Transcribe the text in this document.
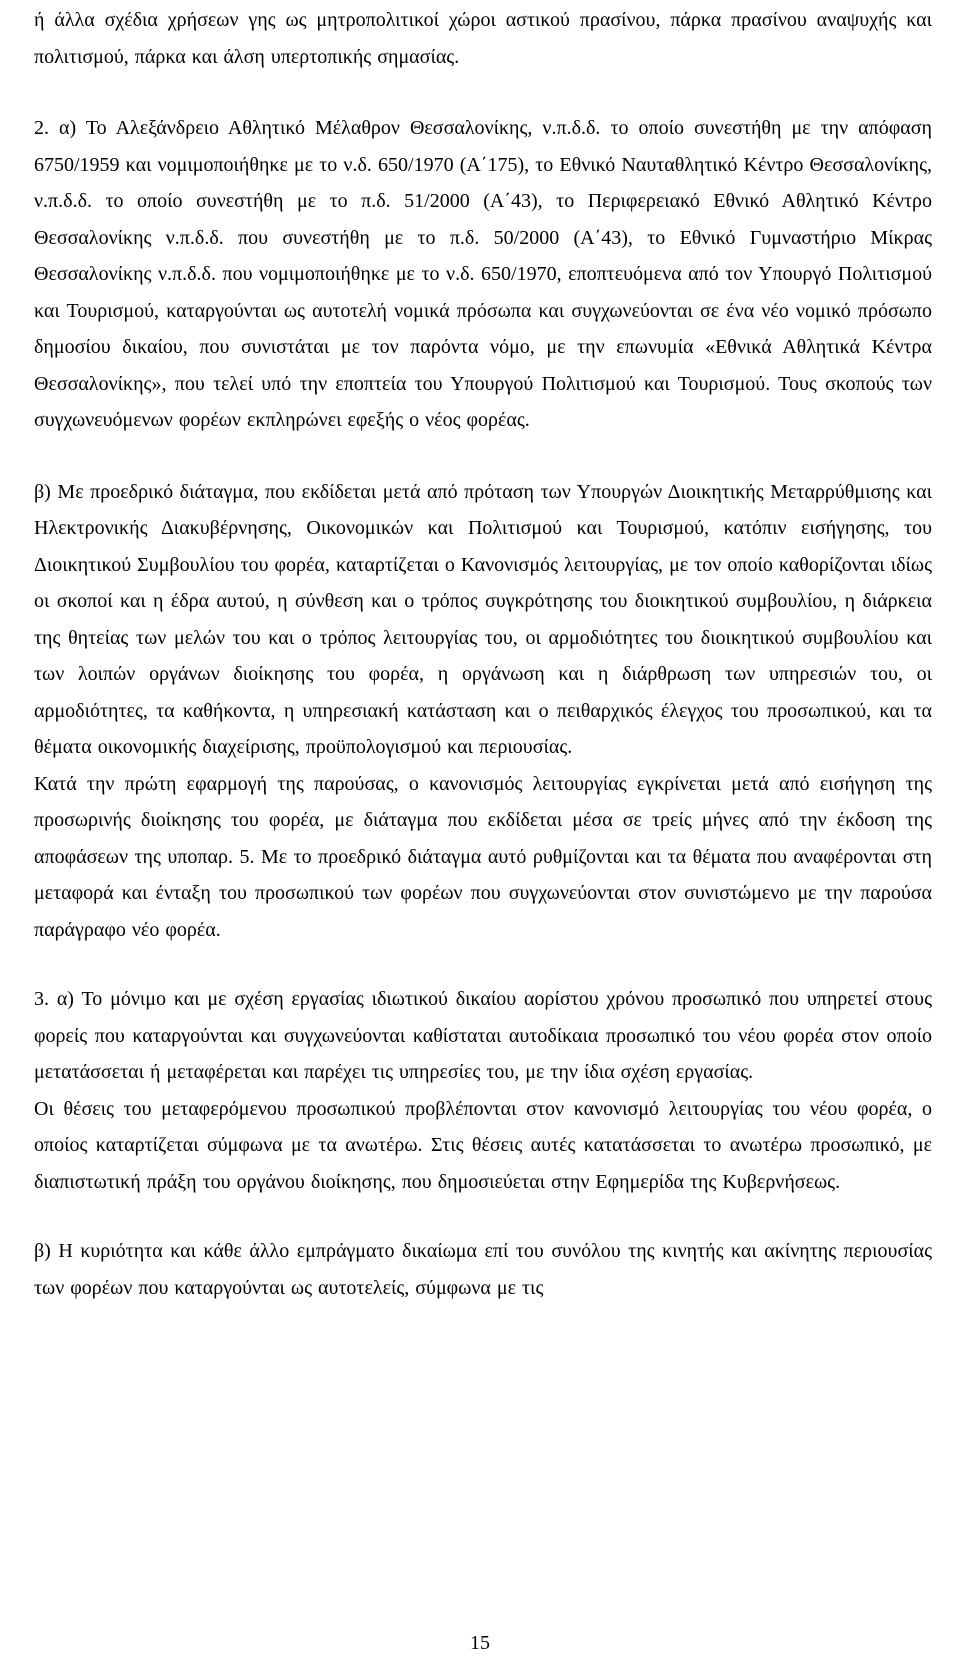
ή άλλα σχέδια χρήσεων γης ως μητροπολιτικοί χώροι αστικού πρασίνου, πάρκα πρασίνου αναψυχής και πολιτισμού, πάρκα και άλση υπερτοπικής σημασίας.

2. α) Το Αλεξάνδρειο Αθλητικό Μέλαθρον Θεσσαλονίκης, ν.π.δ.δ. το οποίο συνεστήθη με την απόφαση 6750/1959 και νομιμοποιήθηκε με το ν.δ. 650/1970 (Α΄175), το Εθνικό Ναυταθλητικό Κέντρο Θεσσαλονίκης, ν.π.δ.δ. το οποίο συνεστήθη με το π.δ. 51/2000 (Α΄43), το Περιφερειακό Εθνικό Αθλητικό Κέντρο Θεσσαλονίκης ν.π.δ.δ. που συνεστήθη με το π.δ. 50/2000 (Α΄43), το Εθνικό Γυμναστήριο Μίκρας Θεσσαλονίκης ν.π.δ.δ. που νομιμοποιήθηκε με το ν.δ. 650/1970, εποπτευόμενα από τον Υπουργό Πολιτισμού και Τουρισμού, καταργούνται ως αυτοτελή νομικά πρόσωπα και συγχωνεύονται σε ένα νέο νομικό πρόσωπο δημοσίου δικαίου, που συνιστάται με τον παρόντα νόμο, με την επωνυμία «Εθνικά Αθλητικά Κέντρα Θεσσαλονίκης», που τελεί υπό την εποπτεία του Υπουργού Πολιτισμού και Τουρισμού. Τους σκοπούς των συγχωνευόμενων φορέων εκπληρώνει εφεξής ο νέος φορέας.

β) Με προεδρικό διάταγμα, που εκδίδεται μετά από πρόταση των Υπουργών Διοικητικής Μεταρρύθμισης και Ηλεκτρονικής Διακυβέρνησης, Οικονομικών και Πολιτισμού και Τουρισμού, κατόπιν εισήγησης, του Διοικητικού Συμβουλίου του φορέα, καταρτίζεται ο Κανονισμός λειτουργίας, με τον οποίο καθορίζονται ιδίως οι σκοποί και η έδρα αυτού, η σύνθεση και ο τρόπος συγκρότησης του διοικητικού συμβουλίου, η διάρκεια της θητείας των μελών του και ο τρόπος λειτουργίας του, οι αρμοδιότητες του διοικητικού συμβουλίου και των λοιπών οργάνων διοίκησης του φορέα, η οργάνωση και η διάρθρωση των υπηρεσιών του, οι αρμοδιότητες, τα καθήκοντα, η υπηρεσιακή κατάσταση και ο πειθαρχικός έλεγχος του προσωπικού, και τα θέματα οικονομικής διαχείρισης, προϋπολογισμού και περιουσίας.

Κατά την πρώτη εφαρμογή της παρούσας, ο κανονισμός λειτουργίας εγκρίνεται μετά από εισήγηση της προσωρινής διοίκησης του φορέα, με διάταγμα που εκδίδεται μέσα σε τρείς μήνες από την έκδοση της αποφάσεων της υποπαρ. 5. Με το προεδρικό διάταγμα αυτό ρυθμίζονται και τα θέματα που αναφέρονται στη μεταφορά και ένταξη του προσωπικού των φορέων που συγχωνεύονται στον συνιστώμενο με την παρούσα παράγραφο νέο φορέα.

3. α) Το μόνιμο και με σχέση εργασίας ιδιωτικού δικαίου αορίστου χρόνου προσωπικό που υπηρετεί στους φορείς που καταργούνται και συγχωνεύονται καθίσταται αυτοδίκαια προσωπικό του νέου φορέα στον οποίο μετατάσσεται ή μεταφέρεται και παρέχει τις υπηρεσίες του, με την ίδια σχέση εργασίας.

Οι θέσεις του μεταφερόμενου προσωπικού προβλέπονται στον κανονισμό λειτουργίας του νέου φορέα, ο οποίος καταρτίζεται σύμφωνα με τα ανωτέρω. Στις θέσεις αυτές κατατάσσεται το ανωτέρω προσωπικό, με διαπιστωτική πράξη του οργάνου διοίκησης, που δημοσιεύεται στην Εφημερίδα της Κυβερνήσεως.

β) Η κυριότητα και κάθε άλλο εμπράγματο δικαίωμα επί του συνόλου της κινητής και ακίνητης περιουσίας των φορέων που καταργούνται ως αυτοτελείς, σύμφωνα με τις

15
